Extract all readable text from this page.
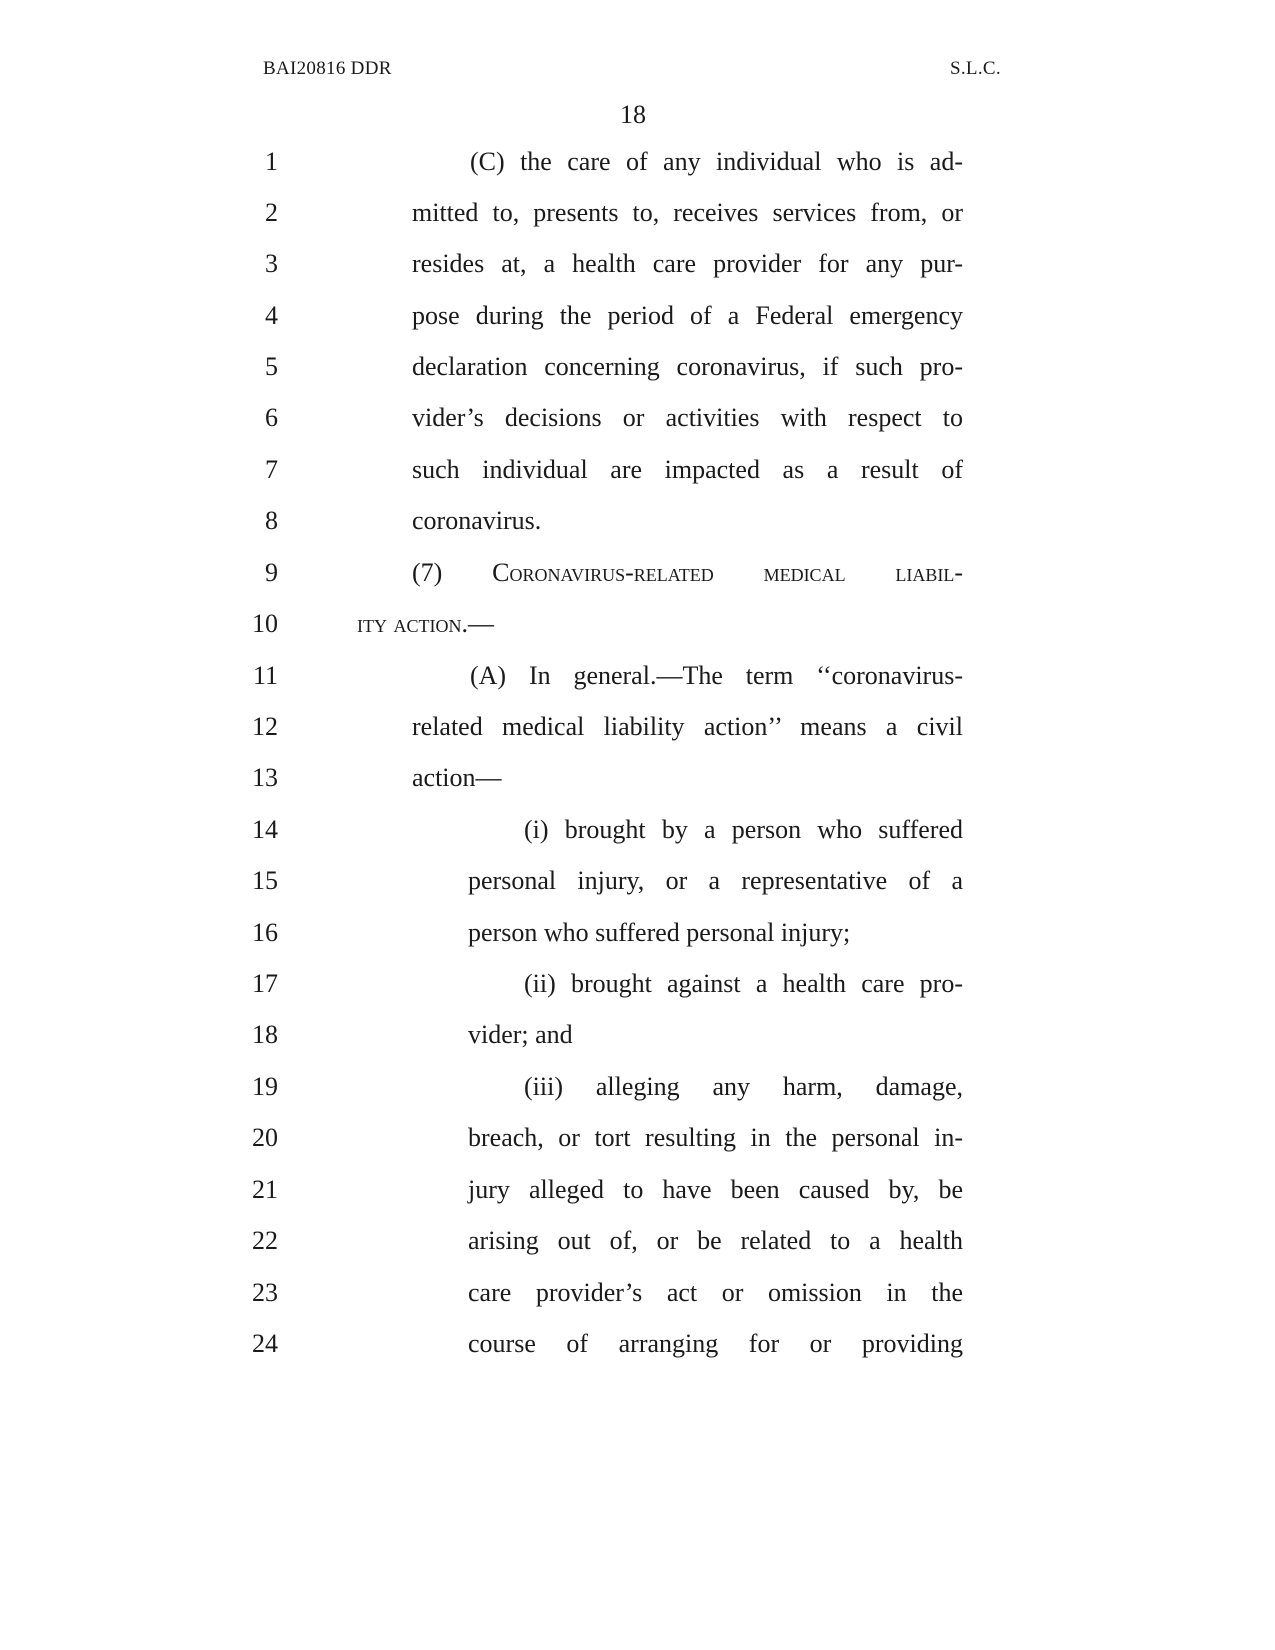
BAI20816 DDR	S.L.C.
18
1	(C) the care of any individual who is ad-
2	mitted to, presents to, receives services from, or
3	resides at, a health care provider for any pur-
4	pose during the period of a Federal emergency
5	declaration concerning coronavirus, if such pro-
6	vider’s decisions or activities with respect to
7	such individual are impacted as a result of
8	coronavirus.
9	(7) Coronavirus-related medical liabil-
10	ity action.—
11	(A) In general.—The term ‘‘coronavirus-
12	related medical liability action’’ means a civil
13	action—
14	(i) brought by a person who suffered
15	personal injury, or a representative of a
16	person who suffered personal injury;
17	(ii) brought against a health care pro-
18	vider; and
19	(iii) alleging any harm, damage,
20	breach, or tort resulting in the personal in-
21	jury alleged to have been caused by, be
22	arising out of, or be related to a health
23	care provider’s act or omission in the
24	course of arranging for or providing
